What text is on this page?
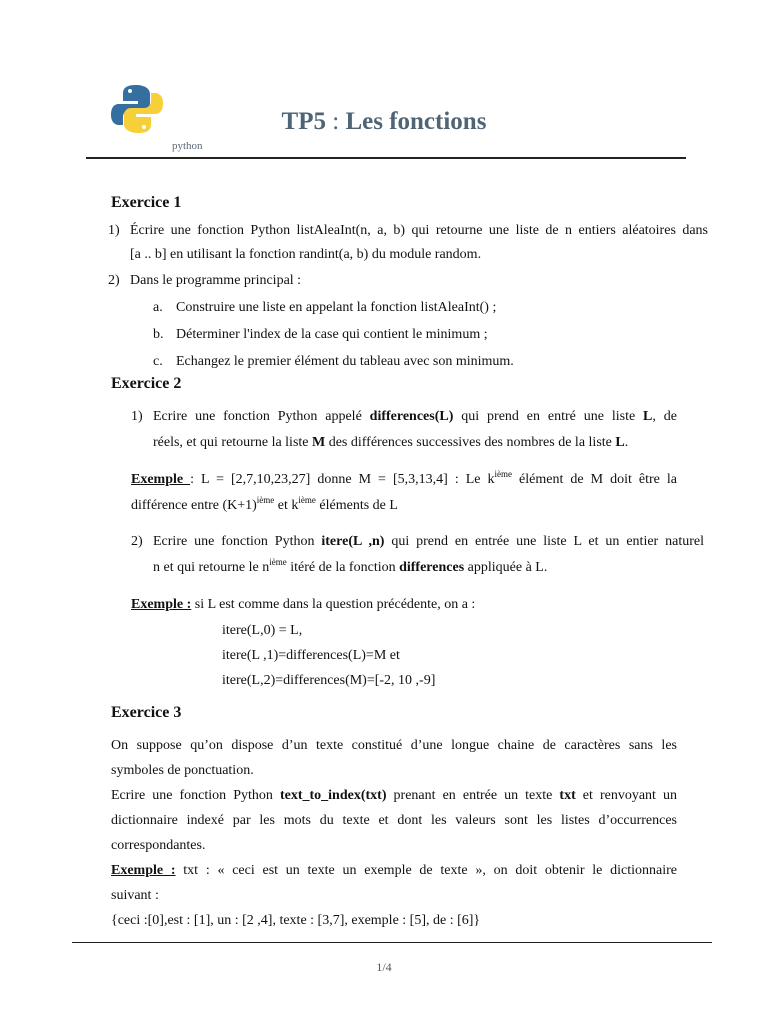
python
TP5 : Les fonctions
Exercice 1
1) Écrire une fonction Python listAleaInt(n, a, b) qui retourne une liste de n entiers aléatoires dans
[a .. b] en utilisant la fonction randint(a, b) du module random.
2) Dans le programme principal :
a. Construire une liste en appelant la fonction listAleaInt() ;
b. Déterminer l'index de la case qui contient le minimum ;
c. Echangez le premier élément du tableau avec son minimum.
Exercice 2
1) Ecrire une fonction Python appelé differences(L) qui prend en entré une liste L, de
réels, et qui retourne la liste M des différences successives des nombres de la liste L.
Exemple : L = [2,7,10,23,27] donne M = [5,3,13,4] : Le $k^{ième}$ élément de M doit être la
différence entre $(K+1)^{ième}$ et $k^{ième}$ éléments de L
2) Ecrire une fonction Python itere(L ,n) qui prend en entrée une liste L et un entier naturel
n et qui retourne le $n^{ième}$ itéré de la fonction differences appliquée à L.
Exemple : si L est comme dans la question précédente, on a :
itere(L,0) = L,
itere(L ,1)=differences(L)=M et
itere(L,2)=differences(M)=[-2, 10 ,-9]
Exercice 3
On suppose qu’on dispose d’un texte constitué d’une longue chaine de caractères sans les
symboles de ponctuation.
Ecrire une fonction Python text_to_index(txt) prenant en entrée un texte txt et renvoyant un
dictionnaire indexé par les mots du texte et dont les valeurs sont les listes d’occurrences
correspondantes.
Exemple : txt : « ceci est un texte un exemple de texte », on doit obtenir le dictionnaire
suivant :
{ceci :[0],est : [1], un : [2 ,4], texte : [3,7], exemple : [5], de : [6]}
1/4
